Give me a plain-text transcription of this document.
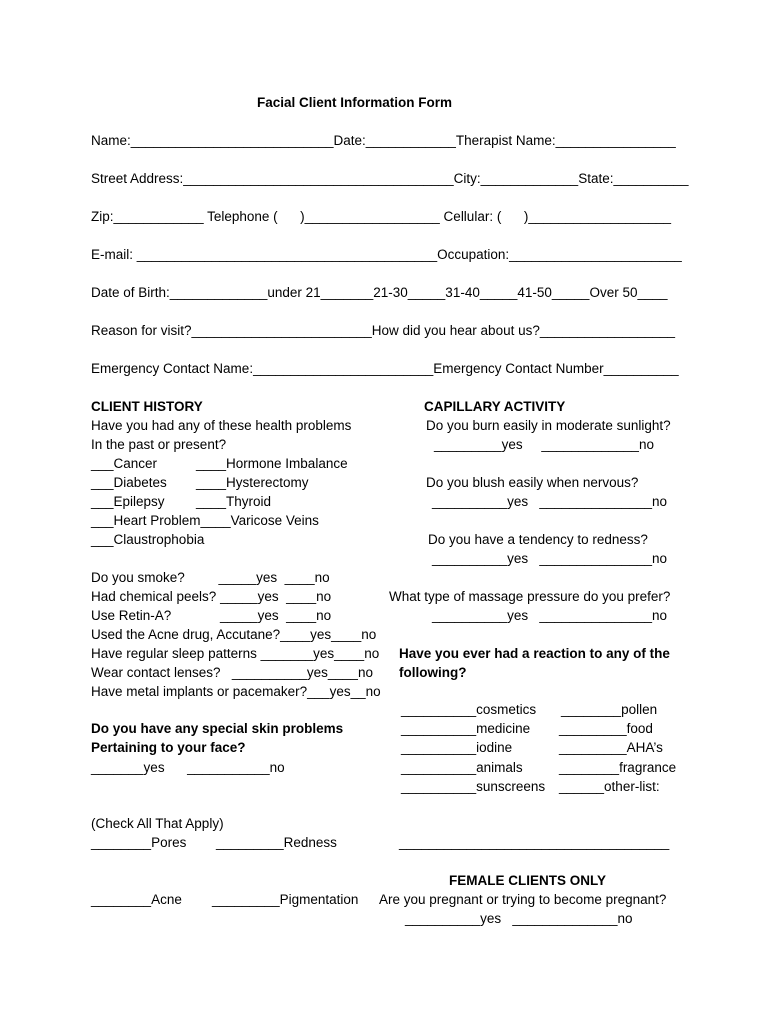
Facial Client Information Form
Name:___________________________Date:____________Therapist Name:________________
Street Address:____________________________________City:_____________State:__________
Zip:____________ Telephone (      )__________________ Cellular: (      )___________________
E-mail: ________________________________________Occupation:_______________________
Date of Birth:_____________under 21_______21-30_____31-40_____41-50_____Over 50____
Reason for visit?________________________How did you hear about us?__________________
Emergency Contact Name:________________________Emergency Contact Number__________
CLIENT HISTORY
Have you had any of these health problems
In the past or present?
___Cancer	____Hormone Imbalance
___Diabetes ____Hysterectomy
___Epilepsy ____Thyroid
___Heart Problem____Varicose Veins
___Claustrophobia
Do you smoke?         _____yes  ____no
Had chemical peels? _____yes  ____no
Use Retin-A?             _____yes  ____no
Used the Acne drug, Accutane?____yes____no
Have regular sleep patterns _______yes____no
Wear contact lenses?   __________yes____no
Have metal implants or pacemaker?___yes__no
Do you have any special skin problems
Pertaining to your face?
_______yes      ___________no
(Check All That Apply)
________Pores _________Redness
________Acne _________Pigmentation
CAPILLARY ACTIVITY
Do you burn easily in moderate sunlight?
_________yes     _____________no
Do you blush easily when nervous?
__________yes   _______________no
Do you have a tendency to redness?
__________yes   _______________no
What type of massage pressure do you prefer?
__________yes   _______________no
Have you ever had a reaction to any of the
following?
__________cosmetics
__________medicine
__________iodine
__________animals
__________sunscreens
________pollen
_________food
_________AHA’s
________fragrance
______other-list:
____________________________________
FEMALE CLIENTS ONLY
Are you pregnant or trying to become pregnant?
__________yes   ______________no
